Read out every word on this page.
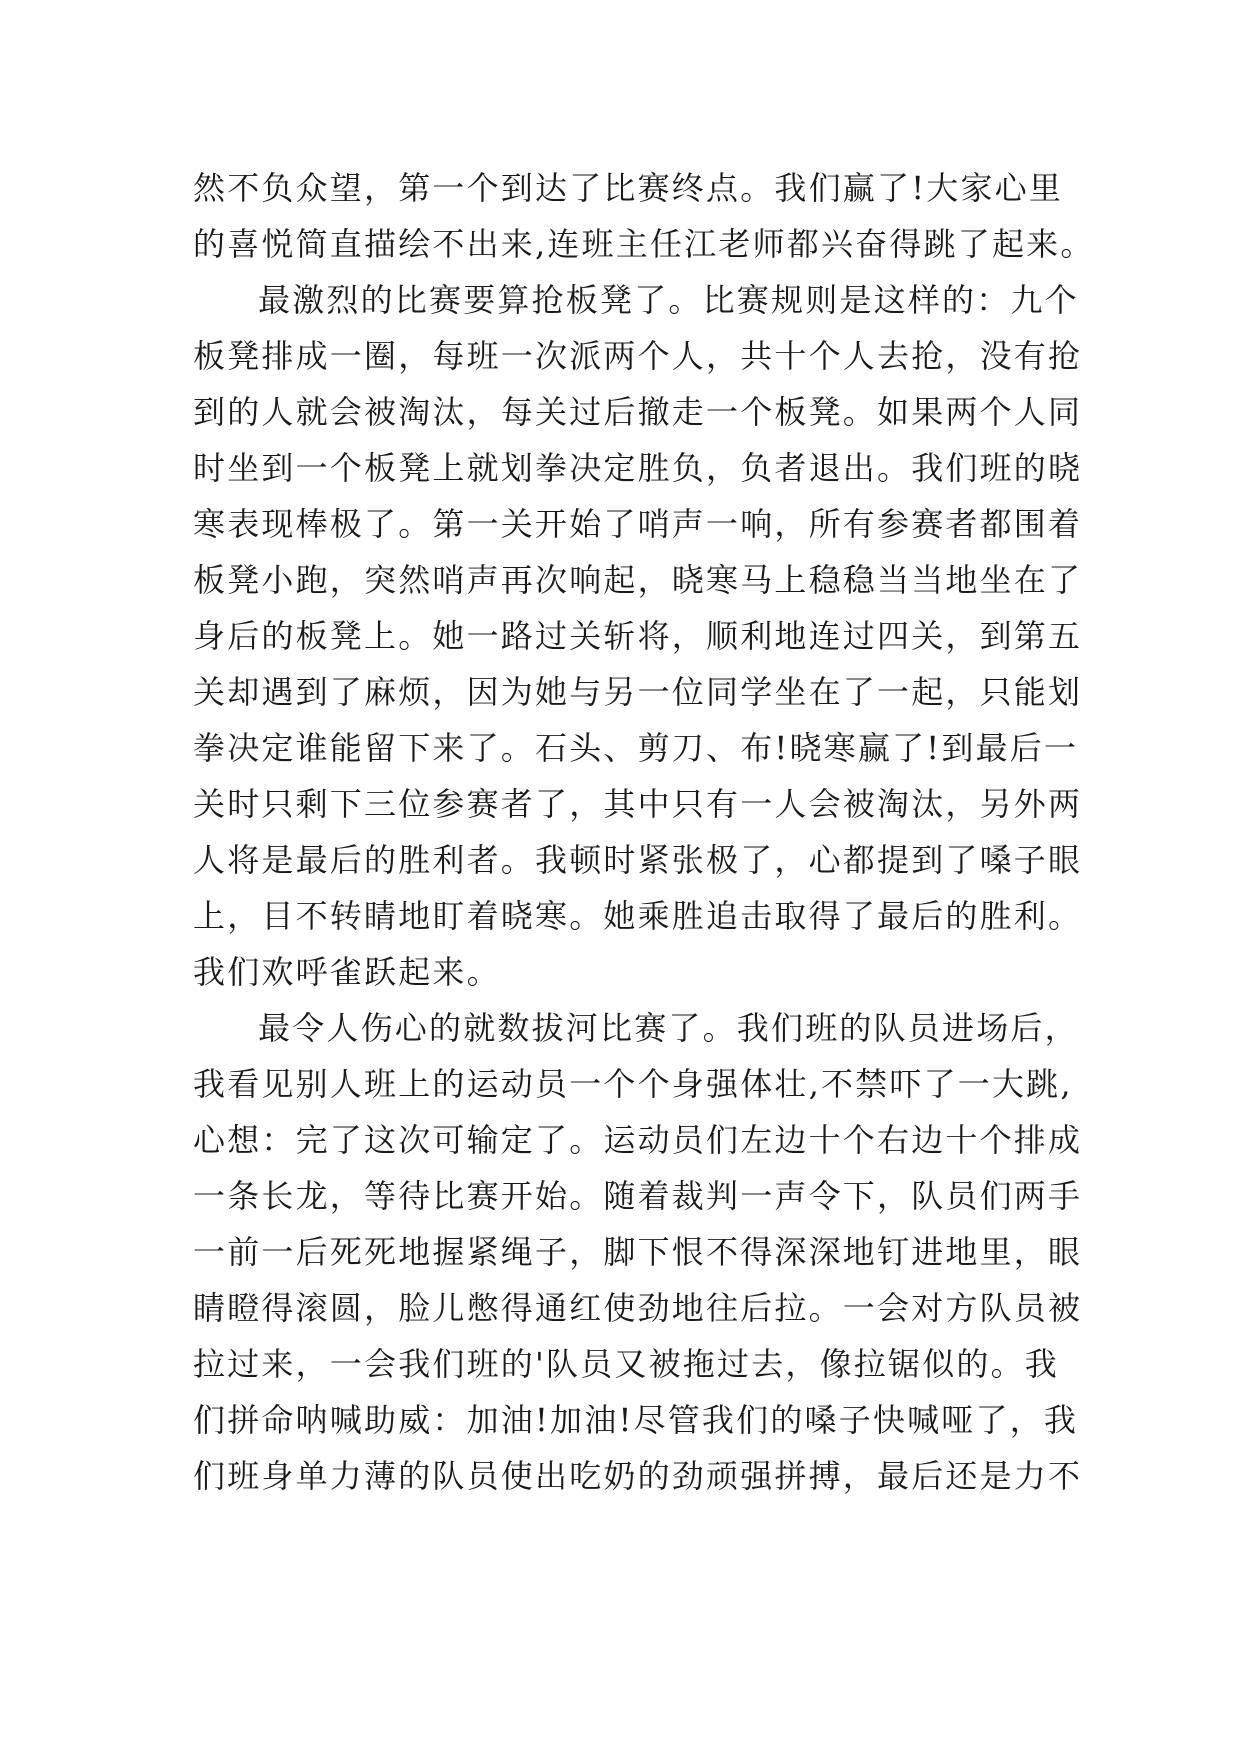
然不负众望，第一个到达了比赛终点。我们赢了!大家心里
的喜悦简直描绘不出来,连班主任江老师都兴奋得跳了起来。
最激烈的比赛要算抢板凳了。比赛规则是这样的：九个
板凳排成一圈，每班一次派两个人，共十个人去抢，没有抢
到的人就会被淘汰，每关过后撤走一个板凳。如果两个人同
时坐到一个板凳上就划拳决定胜负，负者退出。我们班的晓
寒表现棒极了。第一关开始了哨声一响，所有参赛者都围着
板凳小跑，突然哨声再次响起，晓寒马上稳稳当当地坐在了
身后的板凳上。她一路过关斩将，顺利地连过四关，到第五
关却遇到了麻烦，因为她与另一位同学坐在了一起，只能划
拳决定谁能留下来了。石头、剪刀、布!晓寒赢了!到最后一
关时只剩下三位参赛者了，其中只有一人会被淘汰，另外两
人将是最后的胜利者。我顿时紧张极了，心都提到了嗓子眼
上，目不转睛地盯着晓寒。她乘胜追击取得了最后的胜利。
我们欢呼雀跃起来。
最令人伤心的就数拔河比赛了。我们班的队员进场后，
我看见别人班上的运动员一个个身强体壮,不禁吓了一大跳,
心想：完了这次可输定了。运动员们左边十个右边十个排成
一条长龙，等待比赛开始。随着裁判一声令下，队员们两手
一前一后死死地握紧绳子，脚下恨不得深深地钉进地里，眼
睛瞪得滚圆，脸儿憋得通红使劲地往后拉。一会对方队员被
拉过来，一会我们班的'队员又被拖过去，像拉锯似的。我
们拼命呐喊助威：加油!加油!尽管我们的嗓子快喊哑了，我
们班身单力薄的队员使出吃奶的劲顽强拼搏，最后还是力不
